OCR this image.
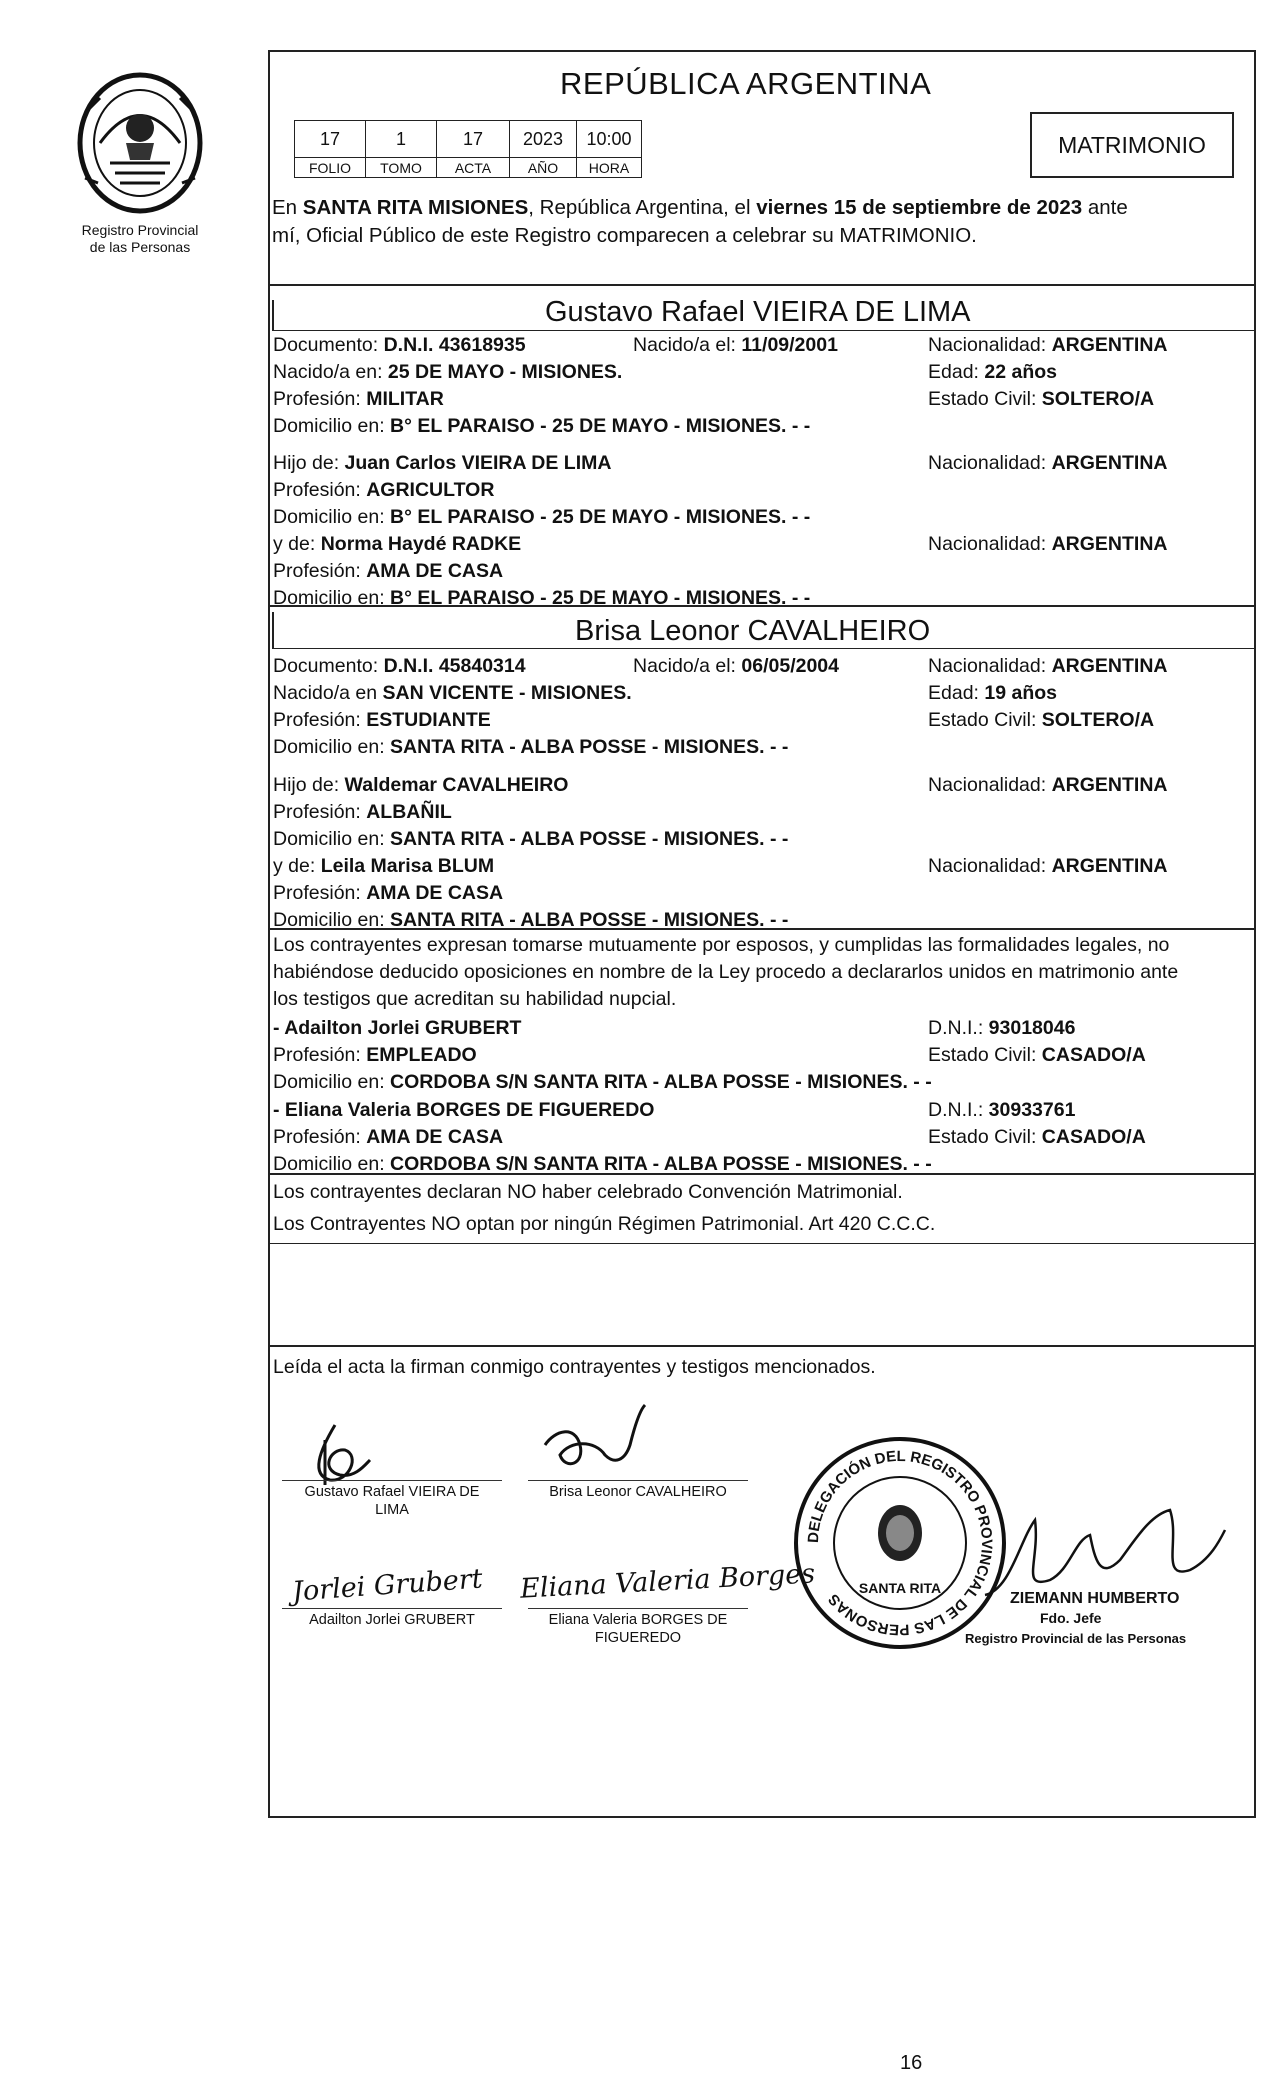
Registro Provincial
de las Personas
REPÚBLICA ARGENTINA
17	1	17	2023	10:00
FOLIO	TOMO	ACTA	AÑO	HORA
MATRIMONIO
En SANTA RITA MISIONES, República Argentina, el viernes 15 de septiembre de 2023 ante
mí, Oficial Público de este Registro comparecen a celebrar su MATRIMONIO.
Gustavo Rafael VIEIRA DE LIMA
Documento: D.N.I. 43618935	Nacido/a el: 11/09/2001	Nacionalidad: ARGENTINA
Nacido/a en: 25 DE MAYO - MISIONES.	Edad: 22 años
Profesión: MILITAR	Estado Civil: SOLTERO/A
Domicilio en: B° EL PARAISO - 25 DE MAYO - MISIONES. - -
Hijo de: Juan Carlos VIEIRA DE LIMA	Nacionalidad: ARGENTINA
Profesión: AGRICULTOR
Domicilio en: B° EL PARAISO - 25 DE MAYO - MISIONES. - -
y de: Norma Haydé RADKE	Nacionalidad: ARGENTINA
Profesión: AMA DE CASA
Domicilio en: B° EL PARAISO - 25 DE MAYO - MISIONES. - -
Brisa Leonor CAVALHEIRO
Documento: D.N.I. 45840314	Nacido/a el: 06/05/2004	Nacionalidad: ARGENTINA
Nacido/a en SAN VICENTE - MISIONES.	Edad: 19 años
Profesión: ESTUDIANTE	Estado Civil: SOLTERO/A
Domicilio en: SANTA RITA - ALBA POSSE - MISIONES. - -
Hijo de: Waldemar CAVALHEIRO	Nacionalidad: ARGENTINA
Profesión: ALBAÑIL
Domicilio en: SANTA RITA - ALBA POSSE - MISIONES. - -
y de: Leila Marisa BLUM	Nacionalidad: ARGENTINA
Profesión: AMA DE CASA
Domicilio en: SANTA RITA - ALBA POSSE - MISIONES. - -
Los contrayentes expresan tomarse mutuamente por esposos, y cumplidas las formalidades legales, no
habiéndose deducido oposiciones en nombre de la Ley procedo a declararlos unidos en matrimonio ante
los testigos que acreditan su habilidad nupcial.
- Adailton Jorlei GRUBERT	D.N.I.: 93018046
Profesión: EMPLEADO	Estado Civil: CASADO/A
Domicilio en: CORDOBA S/N SANTA RITA - ALBA POSSE - MISIONES. - -
- Eliana Valeria BORGES DE FIGUEREDO	D.N.I.: 30933761
Profesión: AMA DE CASA	Estado Civil: CASADO/A
Domicilio en: CORDOBA S/N SANTA RITA - ALBA POSSE - MISIONES. - -
Los contrayentes declaran NO haber celebrado Convención Matrimonial.
Los Contrayentes NO optan por ningún Régimen Patrimonial. Art 420 C.C.C.
Leída el acta la firman conmigo contrayentes y testigos mencionados.
Gustavo Rafael VIEIRA DE
LIMA
Brisa Leonor CAVALHEIRO
Jorlei Grubert
Adailton Jorlei GRUBERT
Eliana Valeria Borges
Eliana Valeria BORGES DE
FIGUEREDO
DELEGACIÓN DEL REGISTRO PROVINCIAL DE LAS PERSONAS
SANTA RITA
ZIEMANN HUMBERTO
Fdo. Jefe
Registro Provincial de las Personas
16
